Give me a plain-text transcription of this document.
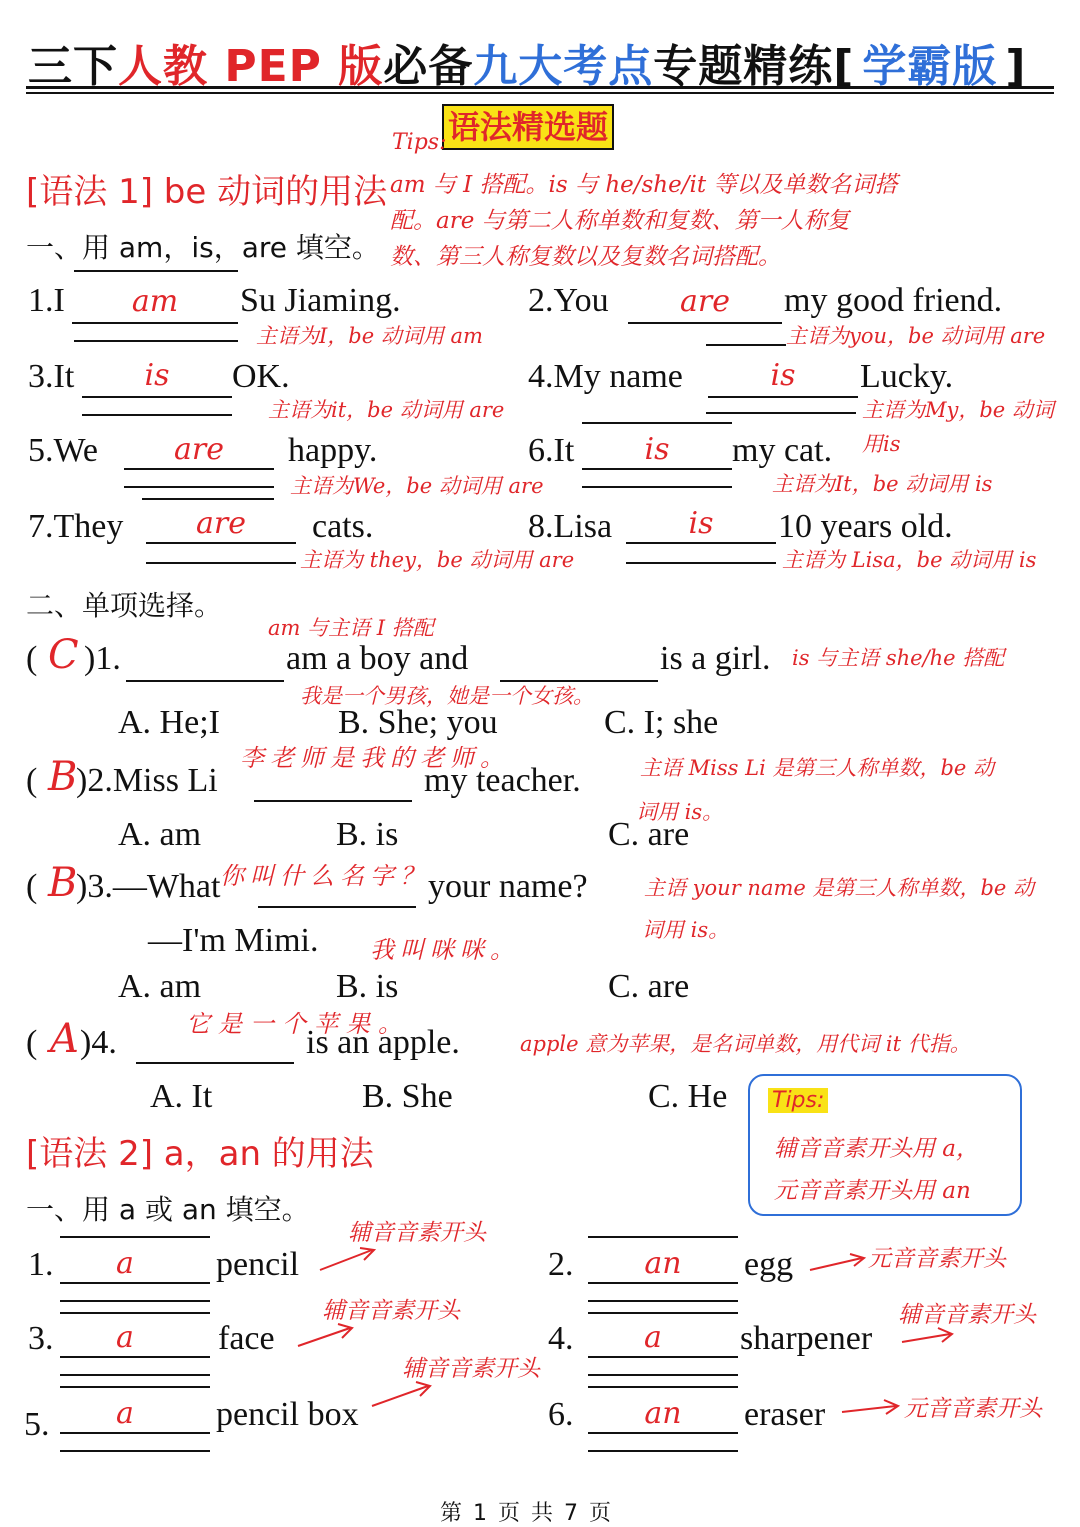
三下人教 PEP 版必备九大考点专题精练[ 学霸版 ]
语法精选题
Tips:
am 与 I 搭配。is 与 he/she/it 等以及单数名词搭
配。are 与第二人称单数和复数、第一人称复
数、第三人称复数以及复数名词搭配。
[语法 1] be 动词的用法
一、用 am，is，are 填空。
1.I	am	Su Jiaming.
主语为I，be 动词用 am
2.You	are	my good friend.
主语为you，be 动词用 are
3.It	is	OK.
主语为it，be 动词用 are
4.My name	is	Lucky.
主语为My，be 动词
用is
5.We	are	happy.
主语为We，be 动词用 are
6.It	is	my cat.
主语为It，be 动词用 is
7.They	are	cats.
主语为 they，be 动词用 are
8.Lisa	is	10 years old.
主语为 Lisa，be 动词用 is
二、单项选择。
am 与主语 I 搭配
( C )1.	am a boy and	is a girl. is 与主语 she/he 搭配
我是一个男孩，她是一个女孩。
A. He;I	B. She; you	C. I; she
李老师是我的老师。
( B
)2.Miss Li	my teacher.	主语 Miss Li 是第三人称单数，be 动
词用 is。
A. am	B. is	C. are
你叫什么名字？
( B
)3.—What	your name?	主语 your name 是第三人称单数，be 动
词用 is。
—I'm Mimi. 我叫咪咪。
A. am	B. is	C. are
它是一个苹果。
( A )4.	is an apple.	apple 意为苹果，是名词单数，用代词 it 代指。
A. It	B. She	C. He
[语法 2] a，an 的用法
Tips:
辅音音素开头用 a，
元音音素开头用 an
一、用 a 或 an 填空。
1.	a	pencil
辅音音素开头
2.	an	egg	元音音素开头
3.	a	face
辅音音素开头
4.	a	sharpener
辅音音素开头
5.	a	pencil box
辅音音素开头
6.	an	eraser	元音音素开头
第 1 页 共 7 页
